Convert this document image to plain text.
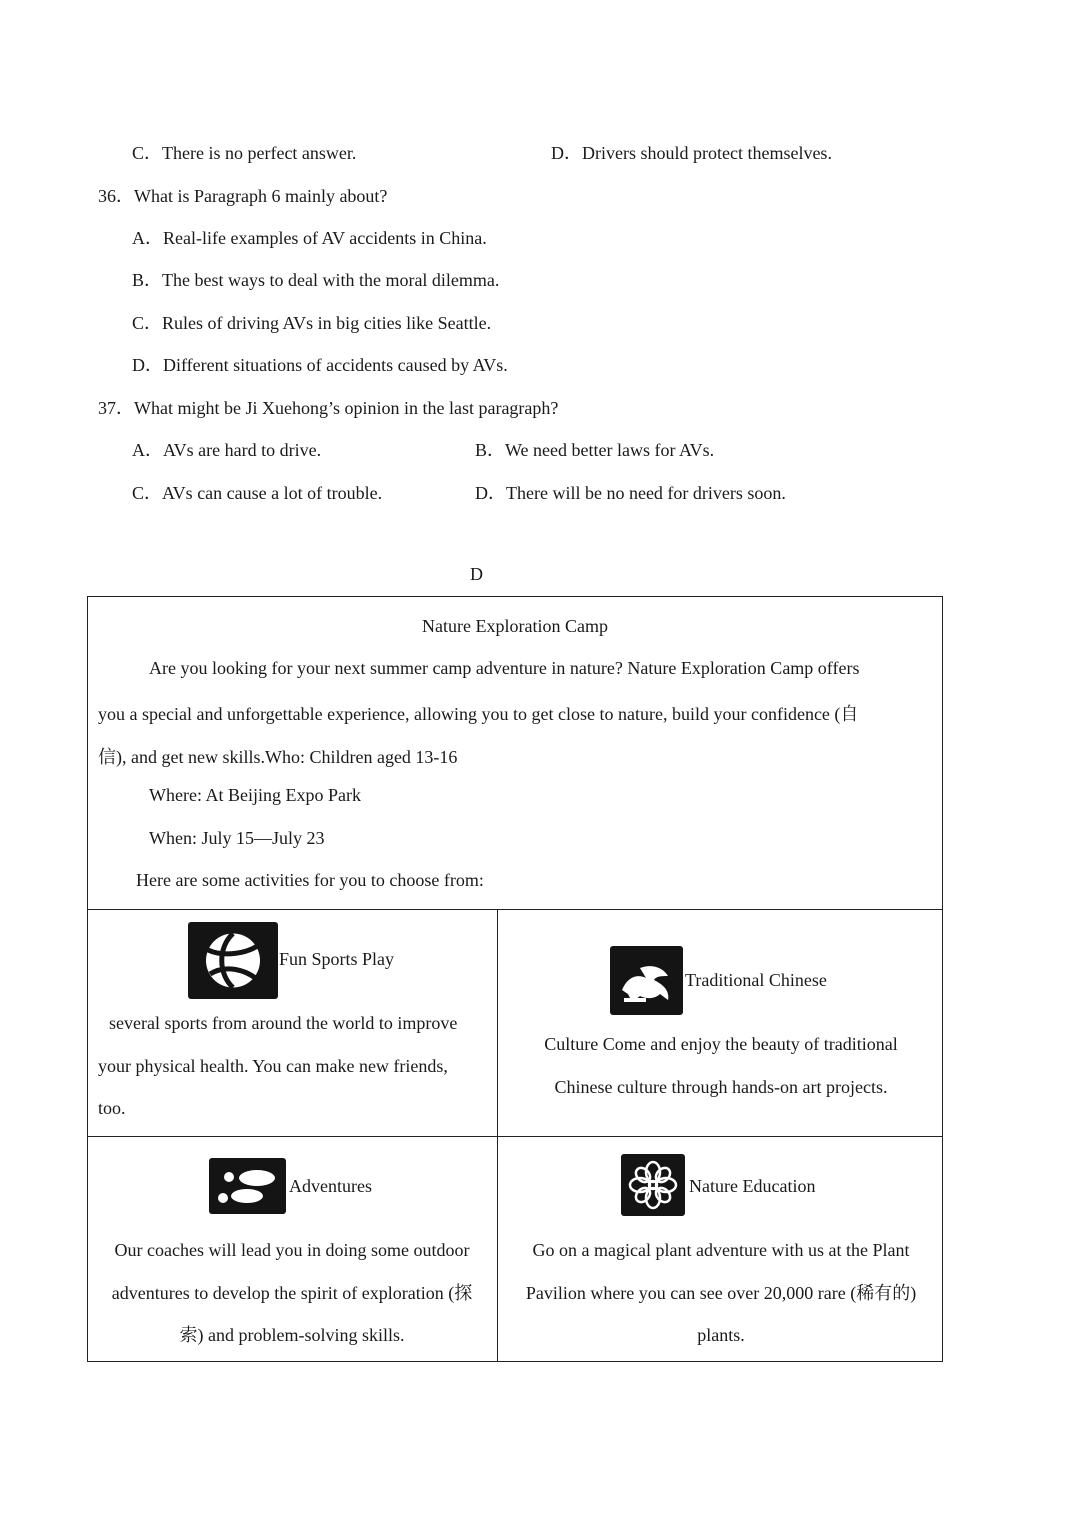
C．There is no perfect answer.	D．Drivers should protect themselves.
36．What is Paragraph 6 mainly about?
A．Real-life examples of AV accidents in China.
B．The best ways to deal with the moral dilemma.
C．Rules of driving AVs in big cities like Seattle.
D．Different situations of accidents caused by AVs.
37．What might be Ji Xuehong’s opinion in the last paragraph?
A．AVs are hard to drive.	B．We need better laws for AVs.
C．AVs can cause a lot of trouble.	D．There will be no need for drivers soon.
D
Nature Exploration Camp
Are you looking for your next summer camp adventure in nature? Nature Exploration Camp offers
you a special and unforgettable experience, allowing you to get close to nature, build your confidence (自
信), and get new skills.Who: Children aged 13-16
Where: At Beijing Expo Park
When: July 15—July 23
Here are some activities for you to choose from:
Fun Sports Play
several sports from around the world to improve
your physical health. You can make new friends,
too.
Traditional Chinese
Culture Come and enjoy the beauty of traditional
Chinese culture through hands-on art projects.
Adventures
Our coaches will lead you in doing some outdoor
adventures to develop the spirit of exploration (探
索) and problem-solving skills.
Nature Education
Go on a magical plant adventure with us at the Plant
Pavilion where you can see over 20,000 rare (稀有的)
plants.
